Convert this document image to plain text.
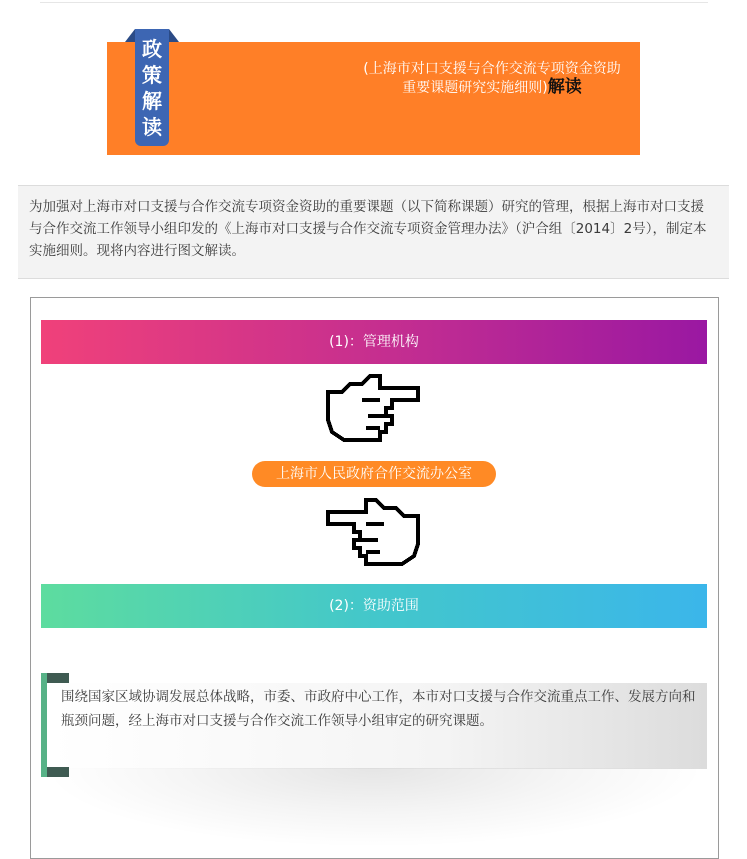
政策解读
(上海市对口支援与合作交流专项资金资助重要课题研究实施细则)解读

为加强对上海市对口支援与合作交流专项资金资助的重要课题（以下简称课题）研究的管理，根据上海市对口支援与合作交流工作领导小组印发的《上海市对口支援与合作交流专项资金管理办法》（沪合组〔2014〕2号），制定本实施细则。现将内容进行图文解读。

(1)：管理机构
上海市人民政府合作交流办公室
(2)：资助范围
围绕国家区域协调发展总体战略，市委、市政府中心工作，本市对口支援与合作交流重点工作、发展方向和瓶颈问题，经上海市对口支援与合作交流工作领导小组审定的研究课题。
